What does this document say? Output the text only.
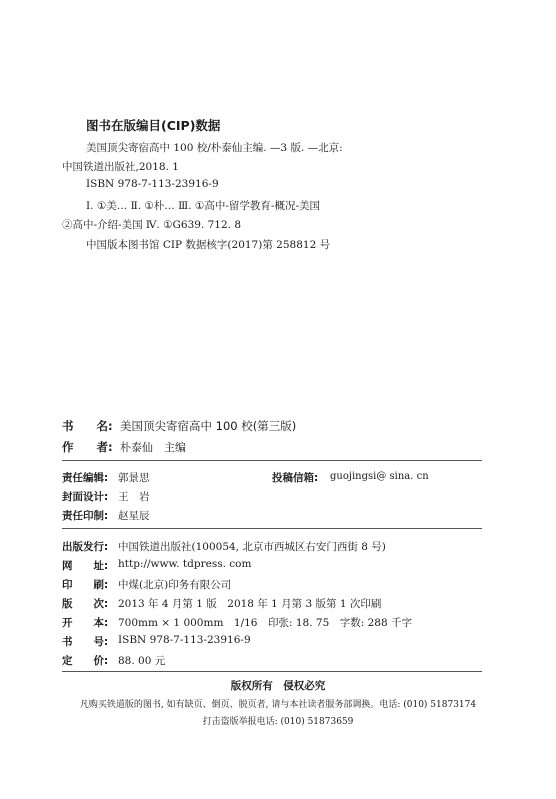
图书在版编目(CIP)数据
美国顶尖寄宿高中 100 校/朴泰仙主编. —3 版. —北京:
中国铁道出版社,2018. 1
ISBN 978-7-113-23916-9
Ⅰ. ①美… Ⅱ. ①朴… Ⅲ. ①高中-留学教育-概况-美国
②高中-介绍-美国 Ⅳ. ①G639. 712. 8
中国版本图书馆 CIP 数据核字(2017)第 258812 号
书　　名: 美国顶尖寄宿高中 100 校(第三版)
作　　者: 朴泰仙　主编
责任编辑: 郭景思	投稿信箱: guojingsi@ sina. cn
封面设计: 王　岩
责任印制: 赵星辰
出版发行: 中国铁道出版社(100054, 北京市西城区右安门西街 8 号)
网　　址: http://www. tdpress. com
印　　刷: 中煤(北京)印务有限公司
版　　次: 2013 年 4 月第 1 版　2018 年 1 月第 3 版第 1 次印刷
开　　本: 700mm × 1 000mm　1/16　印张: 18. 75　字数: 288 千字
书　　号: ISBN 978-7-113-23916-9
定　　价: 88. 00 元
版权所有　侵权必究
凡购买铁道版的图书, 如有缺页、倒页、脱页者, 请与本社读者服务部调换。电话: (010) 51873174
打击盗版举报电话: (010) 51873659
